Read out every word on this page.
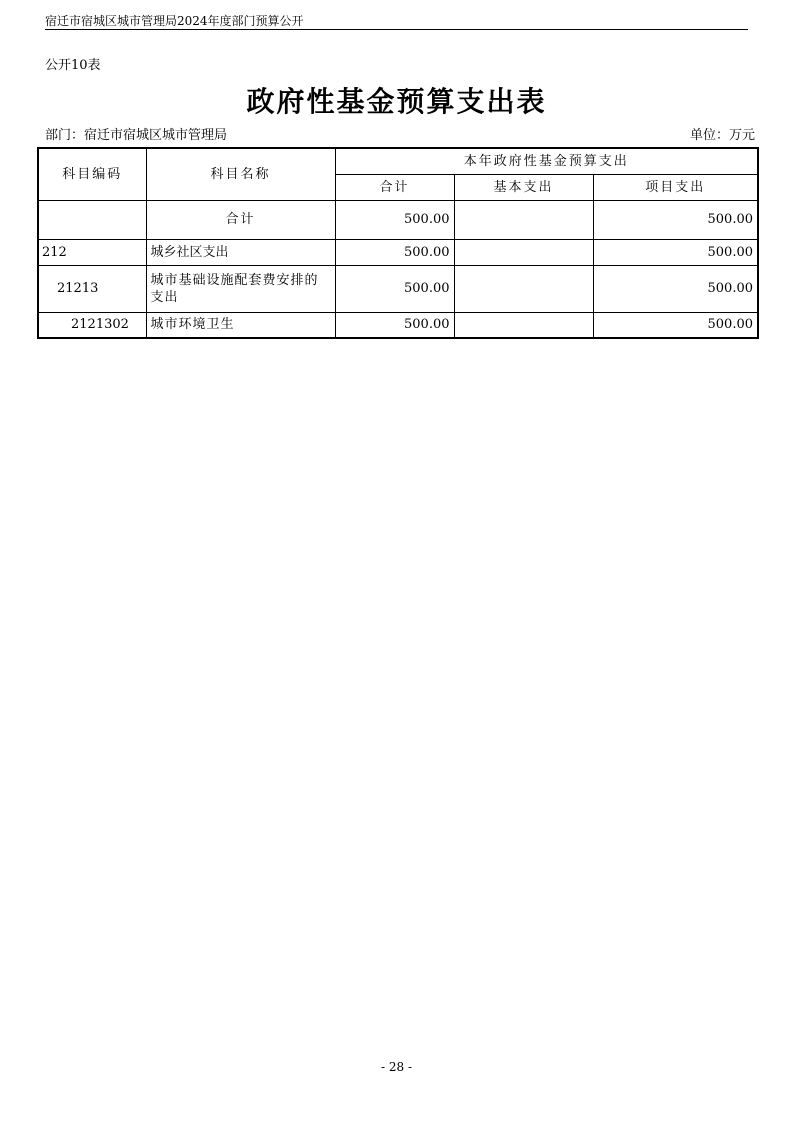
宿迁市宿城区城市管理局2024年度部门预算公开
公开10表
政府性基金预算支出表
部门：宿迁市宿城区城市管理局	单位：万元
科目编码	科目名称	本年政府性基金预算支出		
		合计	基本支出	项目支出
	合计	500.00		500.00
212	城乡社区支出	500.00		500.00
21213	城市基础设施配套费安排的支出	500.00		500.00
2121302	城市环境卫生	500.00		500.00
- 28 -
